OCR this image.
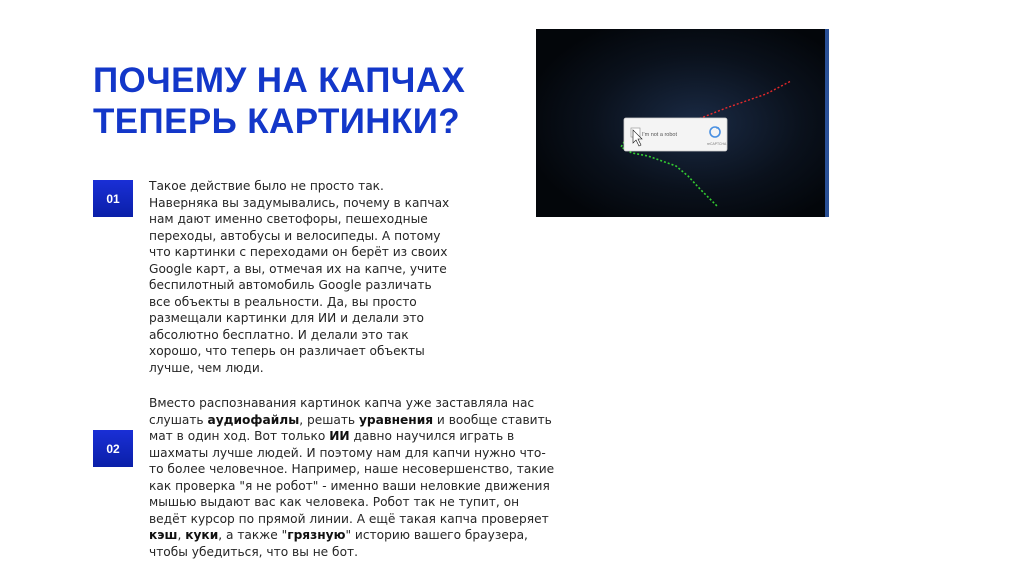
ПОЧЕМУ НА КАПЧАХ ТЕПЕРЬ КАРТИНКИ?
01

Такое действие было не просто так. Наверняка вы задумывались, почему в капчах нам дают именно светофоры, пешеходные переходы, автобусы и велосипеды. А потому что картинки с переходами он берёт из своих Google карт, а вы, отмечая их на капче, учите беспилотный автомобиль Google различать все объекты в реальности. Да, вы просто размещали картинки для ИИ и делали это абсолютно бесплатно. И делали это так хорошо, что теперь он различает объекты лучше, чем люди.

02

Вместо распознавания картинок капча уже заставляла нас слушать аудиофайлы, решать уравнения и вообще ставить мат в один ход. Вот только ИИ давно научился играть в шахматы лучше людей. И поэтому нам для капчи нужно что-то более человечное. Например, наше несовершенство, такие как проверка "я не робот" - именно ваши неловкие движения мышью выдают вас как человека. Робот так не тупит, он ведёт курсор по прямой линии. А ещё такая капча проверяет кэш, куки, а также "грязную" историю вашего браузера, чтобы убедиться, что вы не бот.

I'm not a robot
reCAPTCHA
